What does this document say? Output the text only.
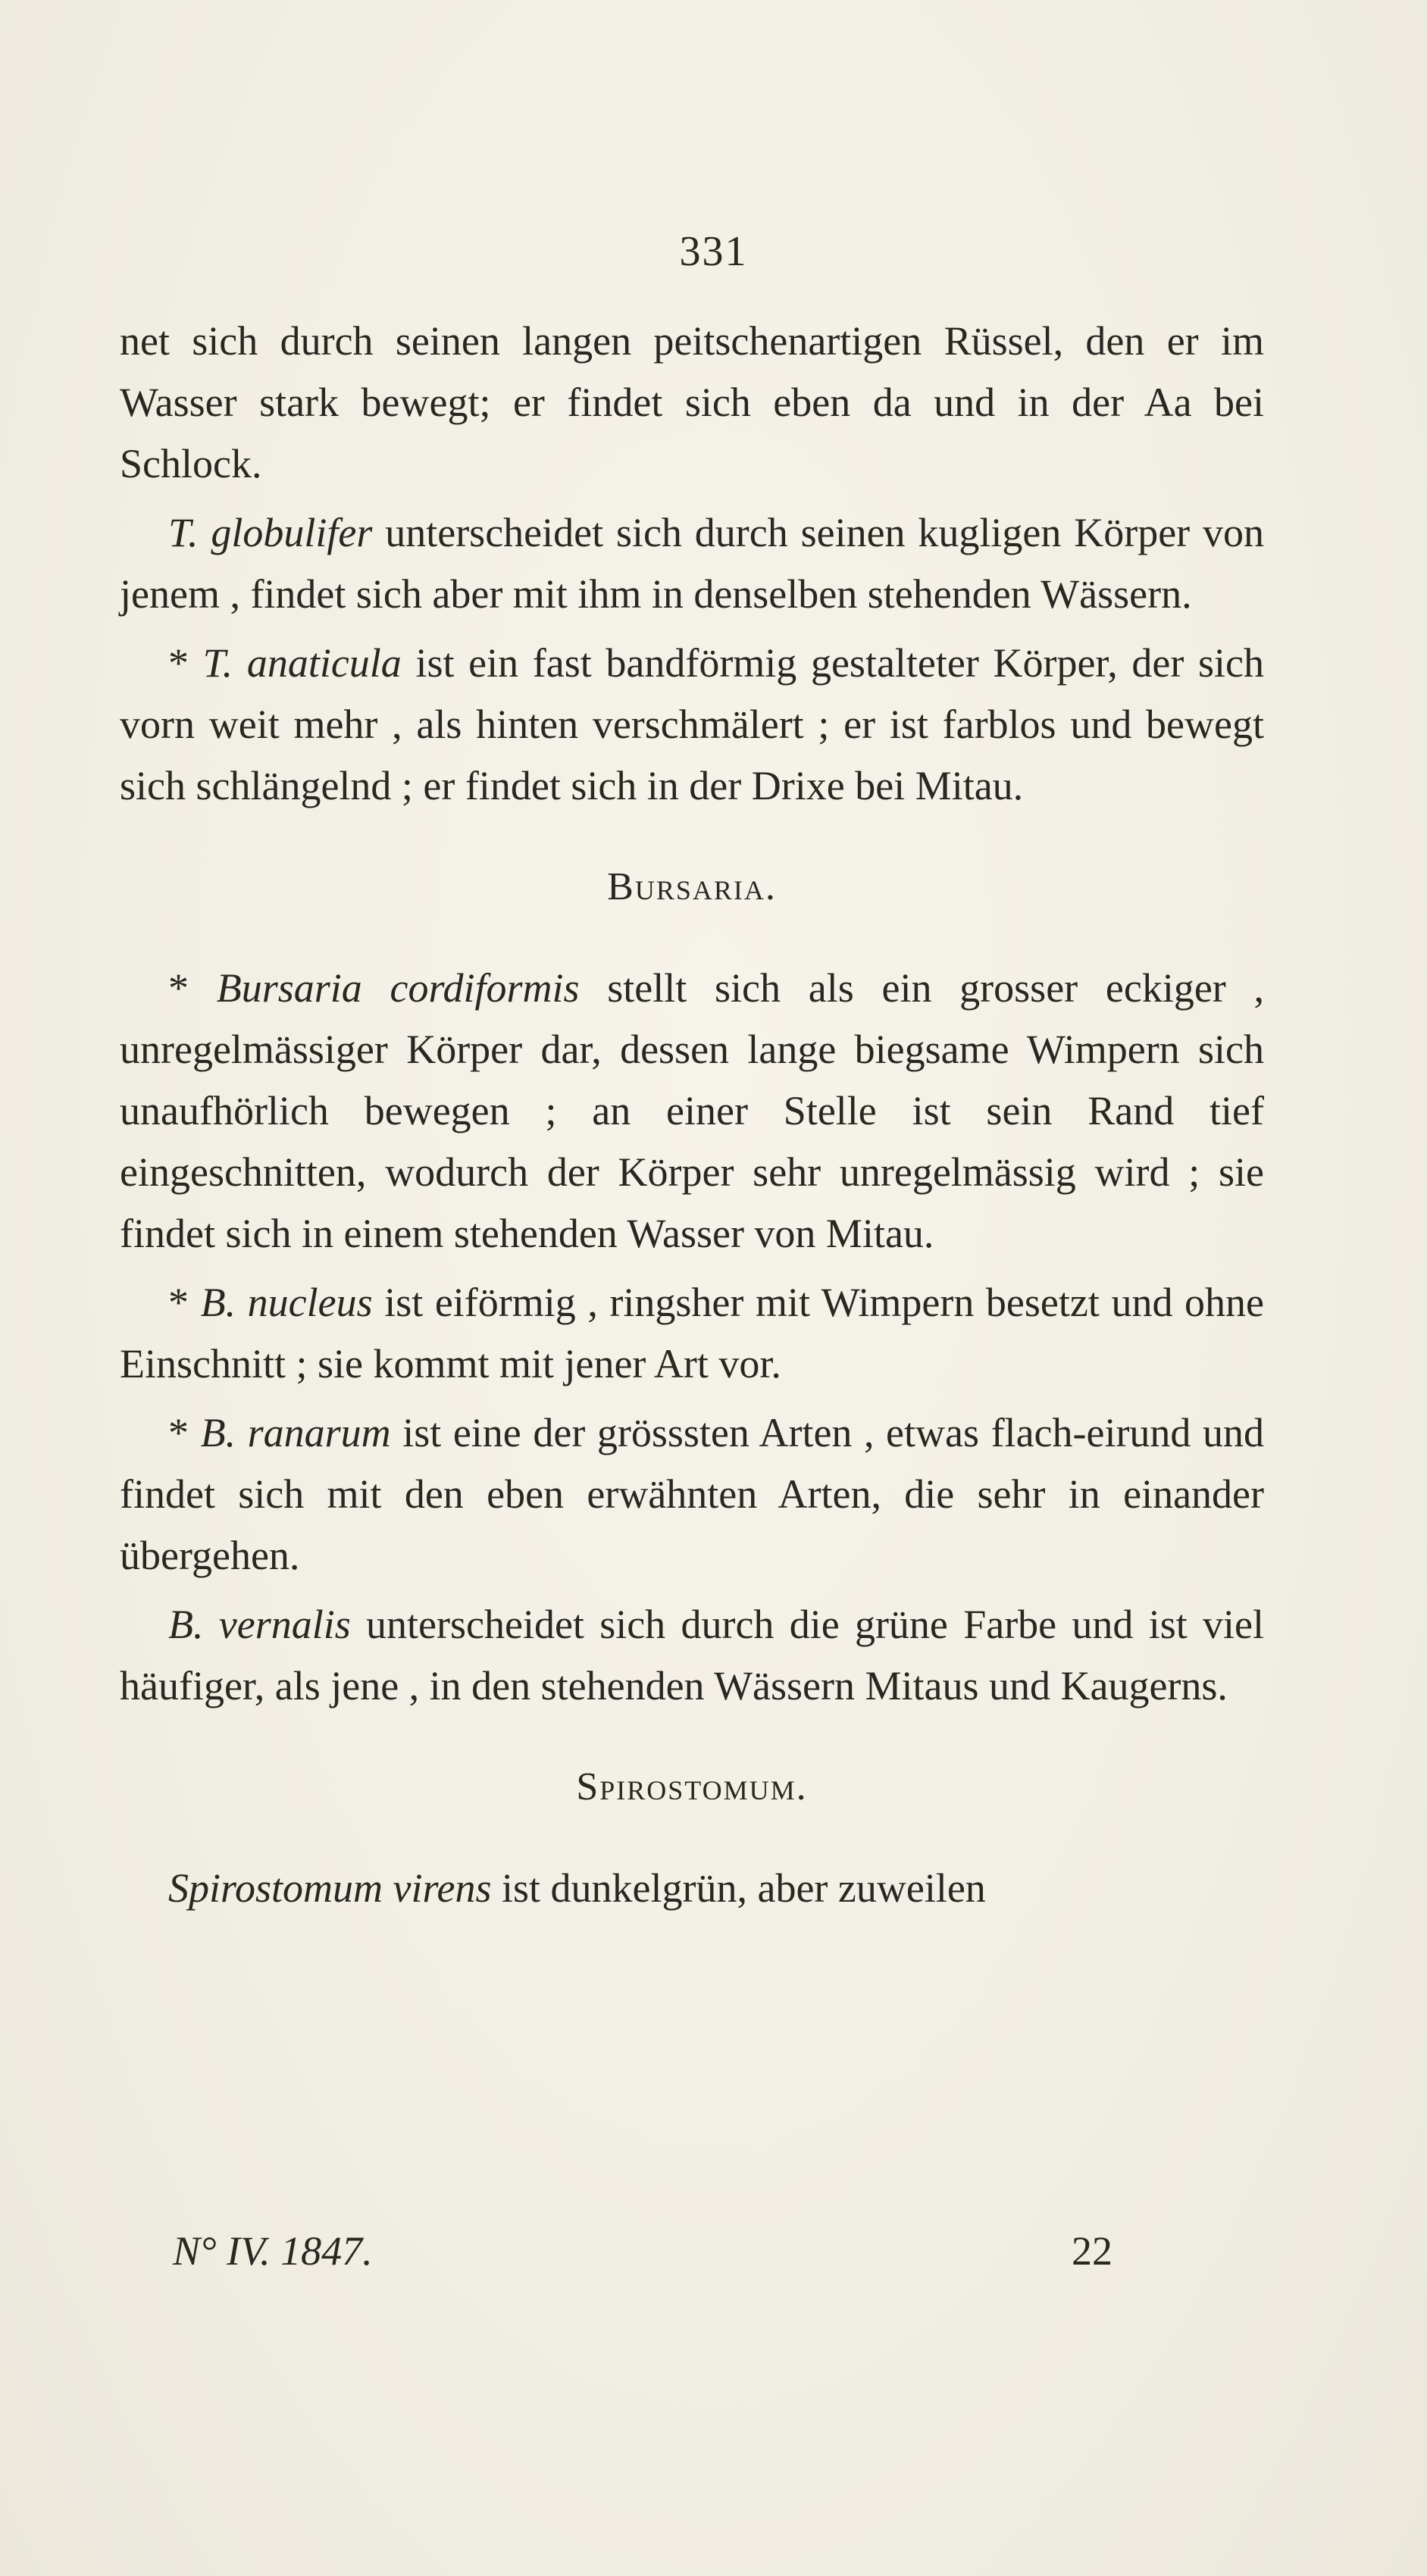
331

net sich durch seinen langen peitschenartigen Rüssel, den er im Wasser stark bewegt; er findet sich eben da und in der Aa bei Schlock.

T. globulifer unterscheidet sich durch seinen kugligen Körper von jenem , findet sich aber mit ihm in denselben stehenden Wässern.

* T. anaticula ist ein fast bandförmig gestalteter Körper, der sich vorn weit mehr , als hinten verschmälert ; er ist farblos und bewegt sich schlängelnd ; er findet sich in der Drixe bei Mitau.

Bursaria.

* Bursaria cordiformis stellt sich als ein grosser eckiger , unregelmässiger Körper dar, dessen lange biegsame Wimpern sich unaufhörlich bewegen ; an einer Stelle ist sein Rand tief eingeschnitten, wodurch der Körper sehr unregelmässig wird ; sie findet sich in einem stehenden Wasser von Mitau.

* B. nucleus ist eiförmig , ringsher mit Wimpern besetzt und ohne Einschnitt ; sie kommt mit jener Art vor.

* B. ranarum ist eine der grösssten Arten , etwas flach-eirund und findet sich mit den eben erwähnten Arten, die sehr in einander übergehen.

B. vernalis unterscheidet sich durch die grüne Farbe und ist viel häufiger, als jene , in den stehenden Wässern Mitaus und Kaugerns.

Spirostomum.

Spirostomum virens ist dunkelgrün, aber zuweilen

N° IV. 1847.	22
